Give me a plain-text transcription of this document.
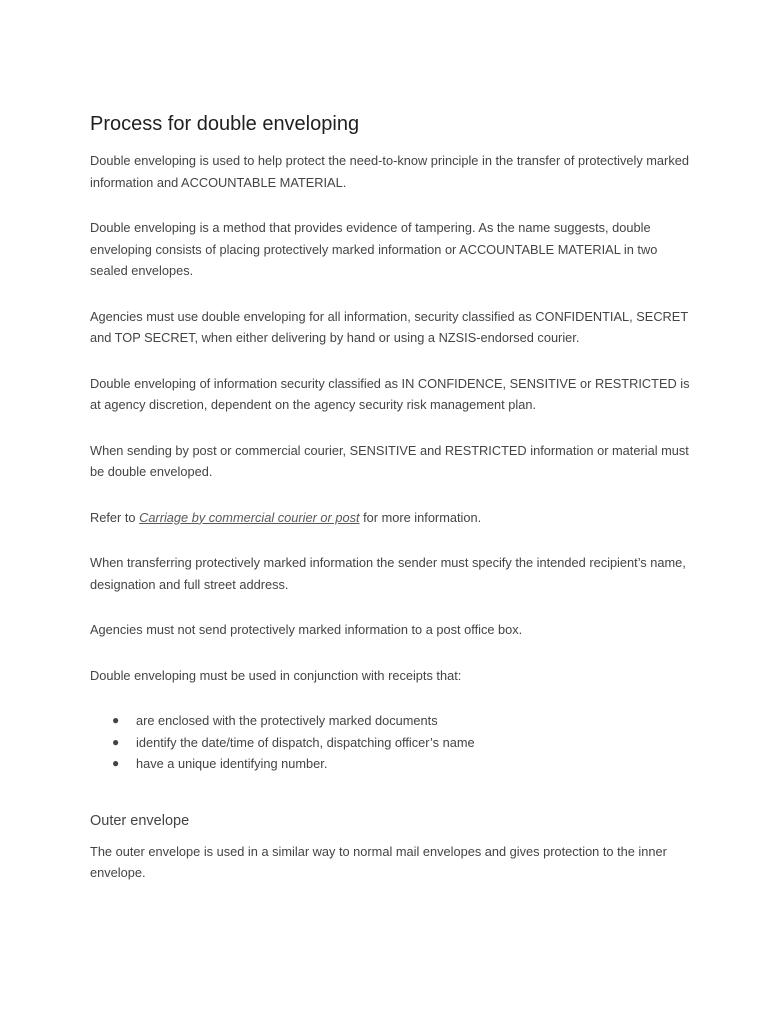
Process for double enveloping

Double enveloping is used to help protect the need-to-know principle in the transfer of protectively marked information and ACCOUNTABLE MATERIAL.

Double enveloping is a method that provides evidence of tampering. As the name suggests, double enveloping consists of placing protectively marked information or ACCOUNTABLE MATERIAL in two sealed envelopes.

Agencies must use double enveloping for all information, security classified as CONFIDENTIAL, SECRET and TOP SECRET, when either delivering by hand or using a NZSIS-endorsed courier.

Double enveloping of information security classified as IN CONFIDENCE, SENSITIVE or RESTRICTED is at agency discretion, dependent on the agency security risk management plan.

When sending by post or commercial courier, SENSITIVE and RESTRICTED information or material must be double enveloped.

Refer to Carriage by commercial courier or post for more information.

When transferring protectively marked information the sender must specify the intended recipient’s name, designation and full street address.

Agencies must not send protectively marked information to a post office box.

Double enveloping must be used in conjunction with receipts that:

● are enclosed with the protectively marked documents
● identify the date/time of dispatch, dispatching officer’s name
● have a unique identifying number.
Outer envelope

The outer envelope is used in a similar way to normal mail envelopes and gives protection to the inner envelope.
